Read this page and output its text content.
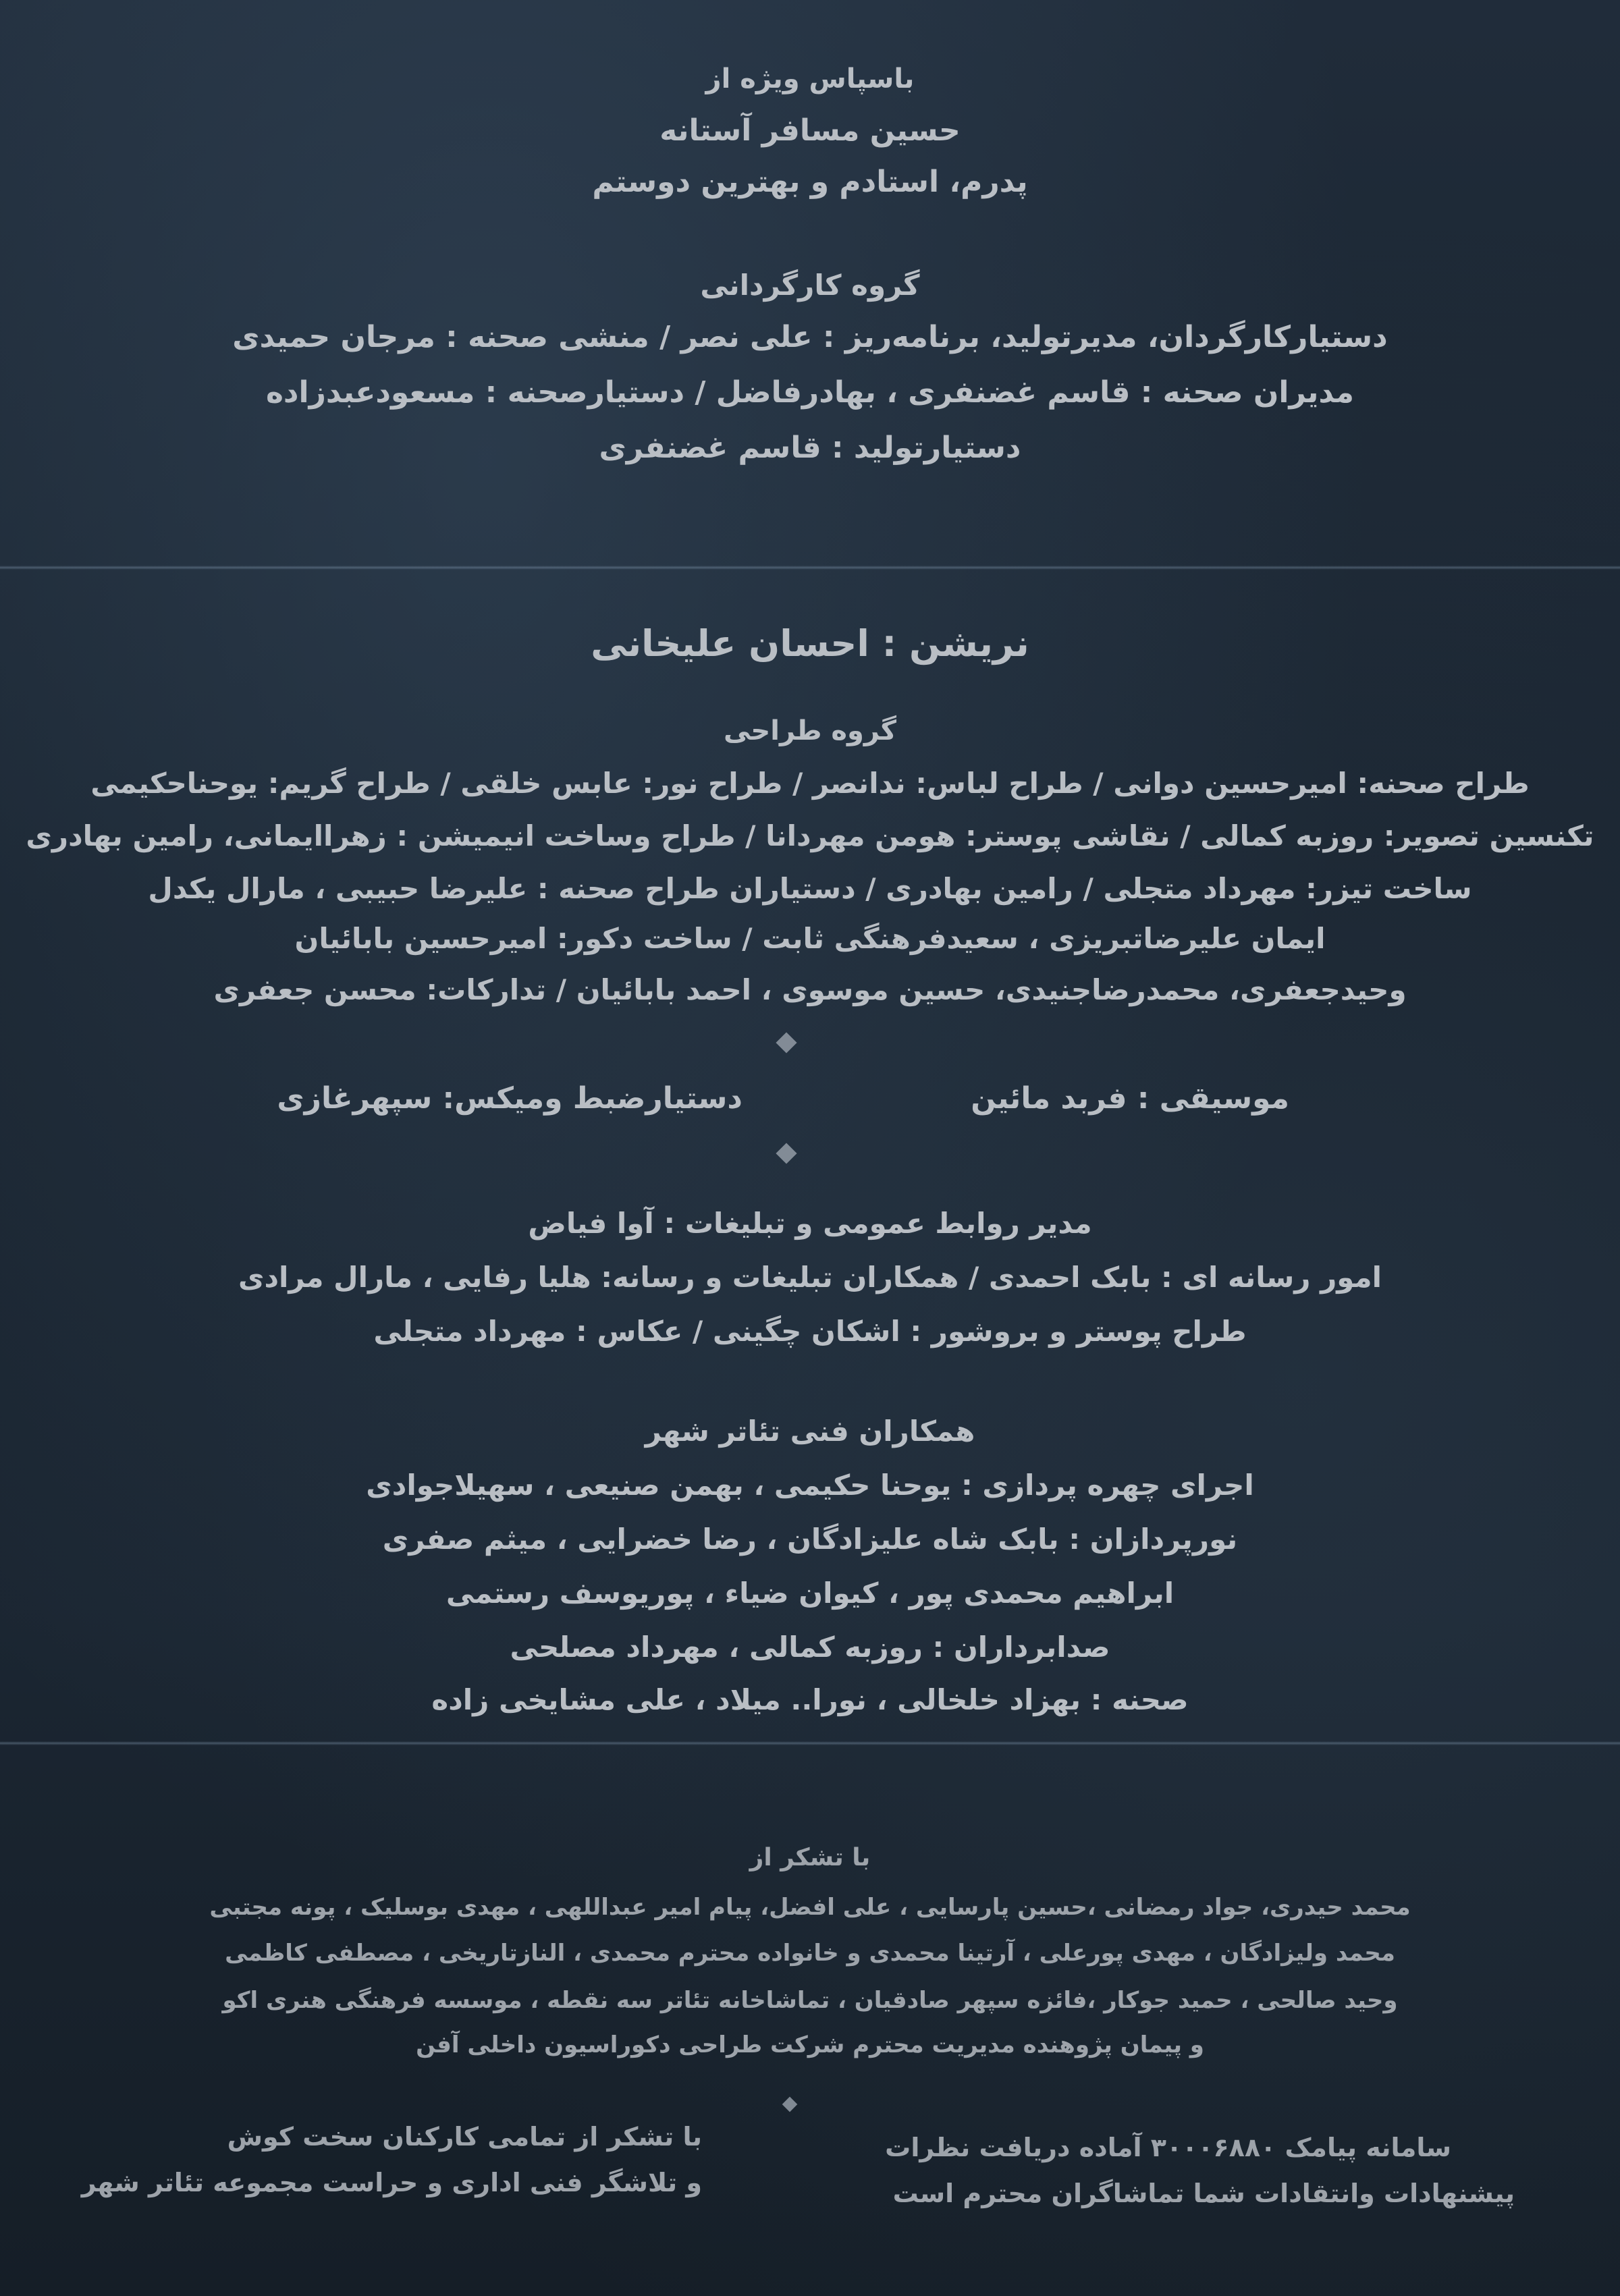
باسپاس ویژه از
حسین مسافر آستانه
پدرم، استادم و بهترین دوستم
گروه کارگردانی
دستیارکارگردان، مدیرتولید، برنامه‌ریز : علی نصر / منشی صحنه : مرجان حمیدی
مدیران صحنه : قاسم غضنفری ، بهادرفاضل / دستیارصحنه : مسعودعبدزاده
دستیارتولید : قاسم غضنفری
نریشن : احسان علیخانی
گروه طراحی
طراح صحنه: امیرحسین دوانی / طراح لباس: ندانصر / طراح نور: عابس خلقی / طراح گریم: یوحناحکیمی
تکنسین تصویر: روزبه کمالی / نقاشی پوستر: هومن مهردانا / طراح وساخت انیمیشن : زهراایمانی، رامین بهادری
ساخت تیزر: مهرداد متجلی / رامین بهادری / دستیاران طراح صحنه : علیرضا حبیبی ، مارال یکدل
ایمان علیرضاتبریزی ، سعیدفرهنگی ثابت / ساخت دکور: امیرحسین بابائیان
وحیدجعفری، محمدرضاجنیدی، حسین موسوی ، احمد بابائیان / تدارکات: محسن جعفری
موسیقی : فربد مائین
دستیارضبط ومیکس: سپهرغازی
مدیر روابط عمومی و تبلیغات : آوا فیاض
امور رسانه ای : بابک احمدی / همکاران تبلیغات و رسانه: هلیا رفایی ، مارال مرادی
طراح پوستر و بروشور : اشکان چگینی / عکاس : مهرداد متجلی
همکاران فنی تئاتر شهر
اجرای چهره پردازی : یوحنا حکیمی ، بهمن صنیعی ، سهیلاجوادی
نورپردازان : بابک شاه علیزادگان ، رضا خضرایی ، میثم صفری
ابراهیم محمدی پور ، کیوان ضیاء ، پوریوسف رستمی
صدابرداران : روزبه کمالی ، مهرداد مصلحی
صحنه : بهزاد خلخالی ، نورا.. میلاد ، علی مشایخی زاده
با تشکر از
محمد حیدری، جواد رمضانی ،حسین پارسایی ، علی افضل، پیام امیر عبداللهی ، مهدی بوسلیک ، پونه مجتبی
محمد ولیزادگان ، مهدی پورعلی ، آرتینا محمدی و خانواده محترم محمدی ، النازتاریخی ، مصطفی کاظمی
وحید صالحی ، حمید جوکار ،فائزه سپهر صادقیان ، تماشاخانه تئاتر سه نقطه ، موسسه فرهنگی هنری اکو
و پیمان پژوهنده مدیریت محترم شرکت طراحی دکوراسیون داخلی آفن
سامانه پیامک ۳۰۰۰۶۸۸۰ آماده دریافت نظرات
پیشنهادات وانتقادات شما تماشاگران محترم است
با تشکر از تمامی کارکنان سخت کوش
و تلاشگر فنی اداری و حراست مجموعه تئاتر شهر
